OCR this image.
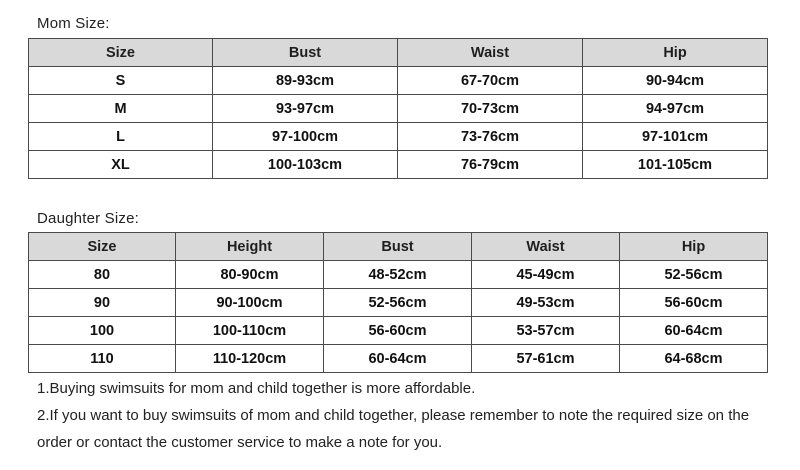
Mom Size:
Size	Bust	Waist	Hip
S	89-93cm	67-70cm	90-94cm
M	93-97cm	70-73cm	94-97cm
L	97-100cm	73-76cm	97-101cm
XL	100-103cm	76-79cm	101-105cm
Daughter Size:
Size	Height	Bust	Waist	Hip
80	80-90cm	48-52cm	45-49cm	52-56cm
90	90-100cm	52-56cm	49-53cm	56-60cm
100	100-110cm	56-60cm	53-57cm	60-64cm
110	110-120cm	60-64cm	57-61cm	64-68cm

1.Buying swimsuits for mom and child together is more affordable.

2.If you want to buy swimsuits of mom and child together, please remember to note the required size on the order or contact the customer service to make a note for you.
